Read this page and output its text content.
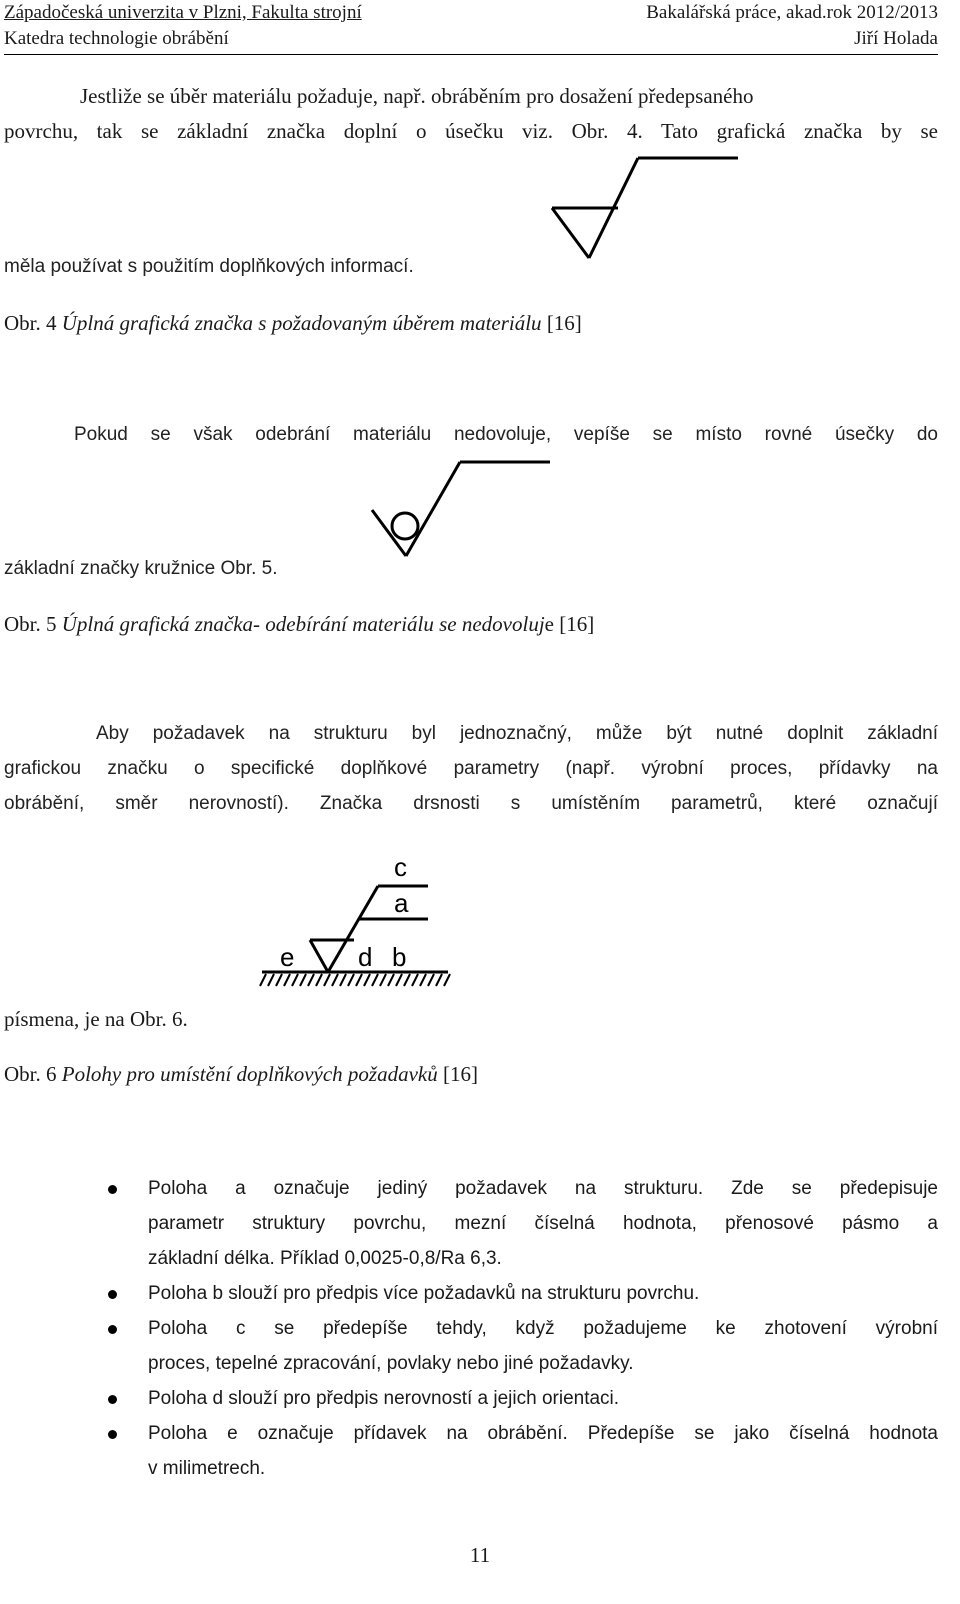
Západočeská univerzita v Plzni, Fakulta strojní	Bakalářská práce, akad.rok 2012/2013
Katedra technologie obrábění	Jiří Holada
Jestliže se úběr materiálu požaduje, např. obráběním pro dosažení předepsaného
povrchu, tak se základní značka doplní o úsečku viz. Obr. 4. Tato grafická značka by se
měla používat s použitím doplňkových informací.
Obr. 4 Úplná grafická značka s požadovaným úběrem materiálu [16]
Pokud se však odebrání materiálu nedovoluje, vepíše se místo rovné úsečky do
základní značky kružnice Obr. 5.
Obr. 5 Úplná grafická značka- odebírání materiálu se nedovoluje [16]
Aby požadavek na strukturu byl jednoznačný, může být nutné doplnit základní
grafickou značku o specifické doplňkové parametry (např. výrobní proces, přídavky na
obrábění, směr nerovností). Značka drsnosti s umístěním parametrů, které označují
písmena, je na Obr. 6.
c
a
e d b
Obr. 6 Polohy pro umístění doplňkových požadavků [16]
Poloha a označuje jediný požadavek na strukturu. Zde se předepisuje
parametr struktury povrchu, mezní číselná hodnota, přenosové pásmo a
základní délka. Příklad 0,0025-0,8/Ra 6,3.
Poloha b slouží pro předpis více požadavků na strukturu povrchu.
Poloha c se předepíše tehdy, když požadujeme ke zhotovení výrobní
proces, tepelné zpracování, povlaky nebo jiné požadavky.
Poloha d slouží pro předpis nerovností a jejich orientaci.
Poloha e označuje přídavek na obrábění. Předepíše se jako číselná hodnota
v milimetrech.
11
